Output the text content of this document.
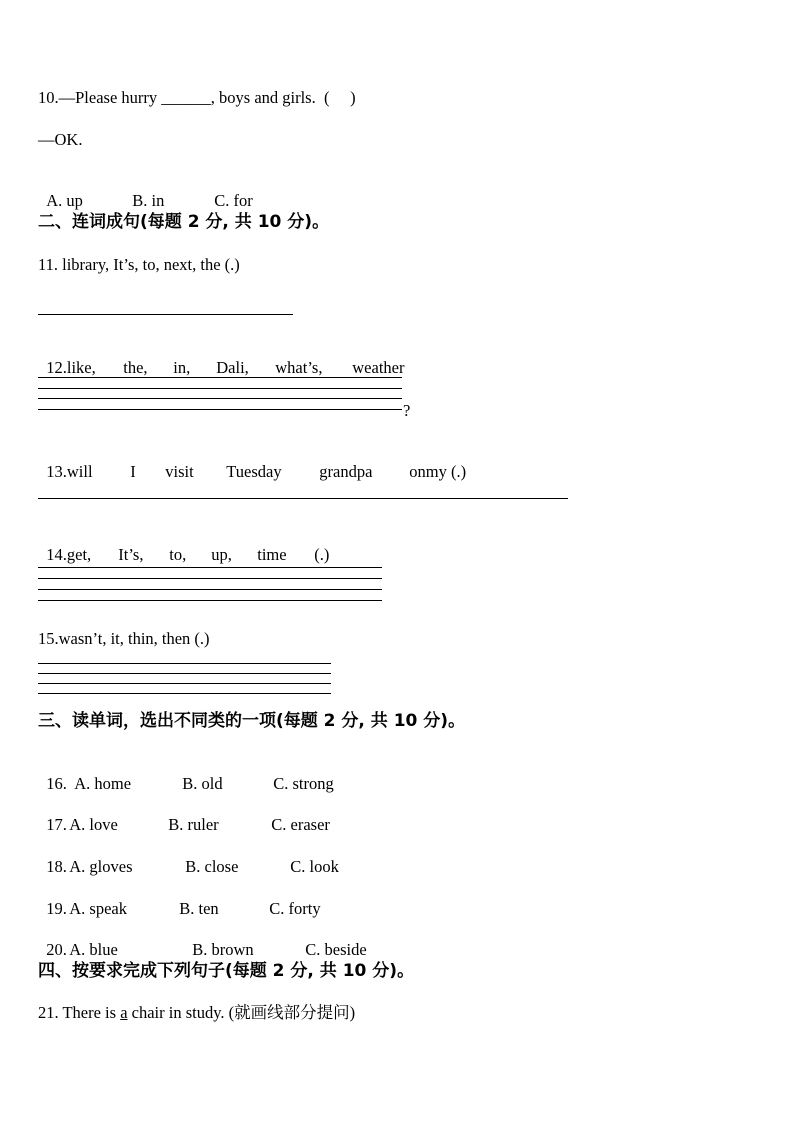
10.—Please hurry ______, boys and girls.  (     )
—OK.

A. up	B. in	C. for

二、连词成句(每题 2 分, 共 10 分)。
11. library, It’s, to, next, the (.)

12.like, the, in, Dali, what’s, weather

?

13.will I visit Tuesday grandpa onmy (.)

14.get, It’s, to, up, time (.)

15.wasn’t, it, thin, then (.)
三、读单词，选出不同类的一项(每题 2 分, 共 10 分)。

16. A. home	B. old	C. strong

17. A. love	B. ruler	C. eraser

18. A. gloves	B. close	C. look

19. A. speak	B. ten	C. forty

20. A. blue	B. brown	C. beside

四、按要求完成下列句子(每题 2 分, 共 10 分)。
21. There is a chair in study. (就画线部分提问)
